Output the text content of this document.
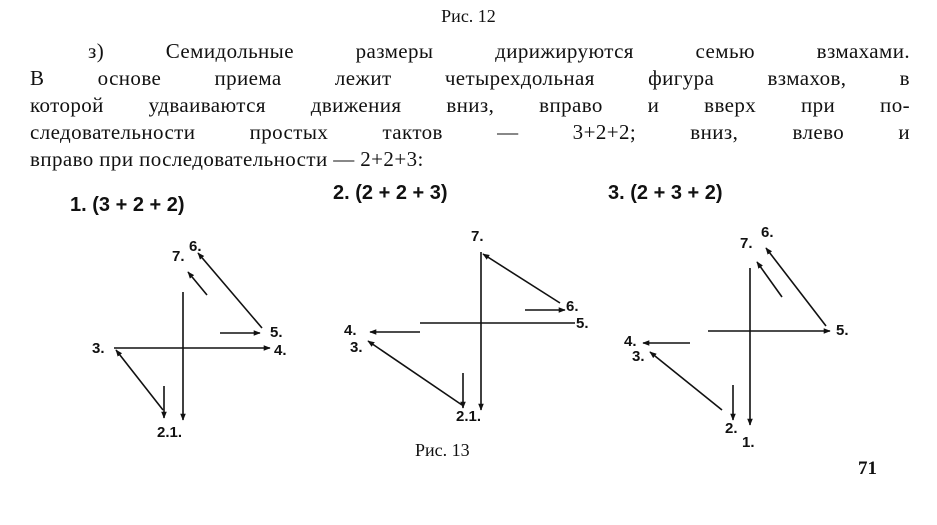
Рис. 12
з) Семидольные размеры дирижируются семью взмахами.
В основе приема лежит четырехдольная фигура взмахов, в
которой удваиваются движения вниз, вправо и вверх при по-
следовательности простых тактов — 3+2+2; вниз, влево и
вправо при последовательности — 2+2+3:
1. (3 + 2 + 2)
2. (2 + 2 + 3)	3. (2 + 3 + 2)
7.
6.
5.
4.
3.
2.1.
7.
6.
5.
4.
3.
2.1.
6.
7.
5.
4.
3.
2.
1.
Рис. 13
71
